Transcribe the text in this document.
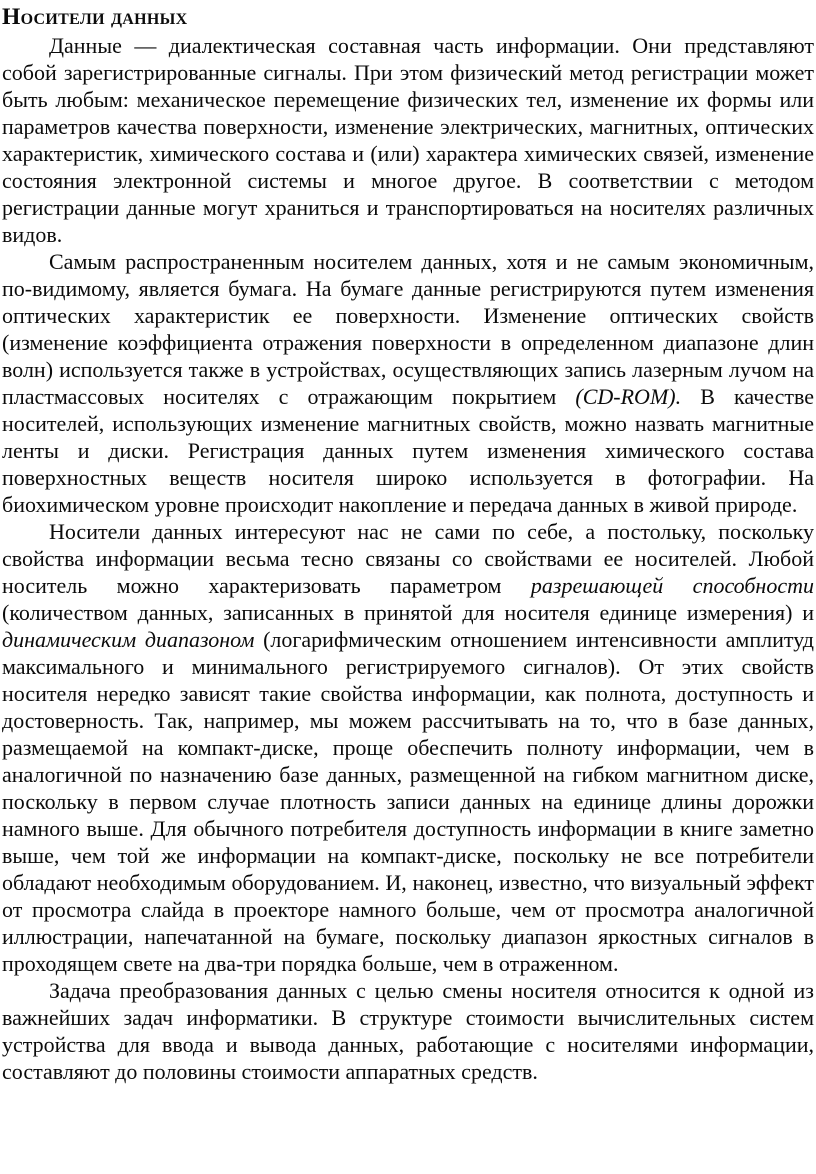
Носители данных

Данные — диалектическая составная часть информации. Они представляют собой зарегистрированные сигналы. При этом физический метод регистрации может быть любым: механическое перемещение физических тел, изменение их формы или параметров качества поверхности, изменение электрических, магнитных, оптических характеристик, химического состава и (или) характера химических связей, изменение состояния электронной системы и многое другое. В соответствии с методом регистрации данные могут храниться и транспортироваться на носителях различных видов.

Самым распространенным носителем данных, хотя и не самым экономичным, по-видимому, является бумага. На бумаге данные регистрируются путем изменения оптических характеристик ее поверхности. Изменение оптических свойств (изменение коэффициента отражения поверхности в определенном диапазоне длин волн) используется также в устройствах, осуществляющих запись лазерным лучом на пластмассовых носителях с отражающим покрытием (CD-ROM). В качестве носителей, использующих изменение магнитных свойств, можно назвать магнитные ленты и диски. Регистрация данных путем изменения химического состава поверхностных веществ носителя широко используется в фотографии. На биохимическом уровне происходит накопление и передача данных в живой природе.

Носители данных интересуют нас не сами по себе, а постольку, поскольку свойства информации весьма тесно связаны со свойствами ее носителей. Любой носитель можно характеризовать параметром разрешающей способности (количеством данных, записанных в принятой для носителя единице измерения) и динамическим диапазоном (логарифмическим отношением интенсивности амплитуд максимального и минимального регистрируемого сигналов). От этих свойств носителя нередко зависят такие свойства информации, как полнота, доступность и достоверность. Так, например, мы можем рассчитывать на то, что в базе данных, размещаемой на компакт-диске, проще обеспечить полноту информации, чем в аналогичной по назначению базе данных, размещенной на гибком магнитном диске, поскольку в первом случае плотность записи данных на единице длины дорожки намного выше. Для обычного потребителя доступность информации в книге заметно выше, чем той же информации на компакт-диске, поскольку не все потребители обладают необходимым оборудованием. И, наконец, известно, что визуальный эффект от просмотра слайда в проекторе намного больше, чем от просмотра аналогичной иллюстрации, напечатанной на бумаге, поскольку диапазон яркостных сигналов в проходящем свете на два-три порядка больше, чем в отраженном.

Задача преобразования данных с целью смены носителя относится к одной из важнейших задач информатики. В структуре стоимости вычислительных систем устройства для ввода и вывода данных, работающие с носителями информации, составляют до половины стоимости аппаратных средств.
